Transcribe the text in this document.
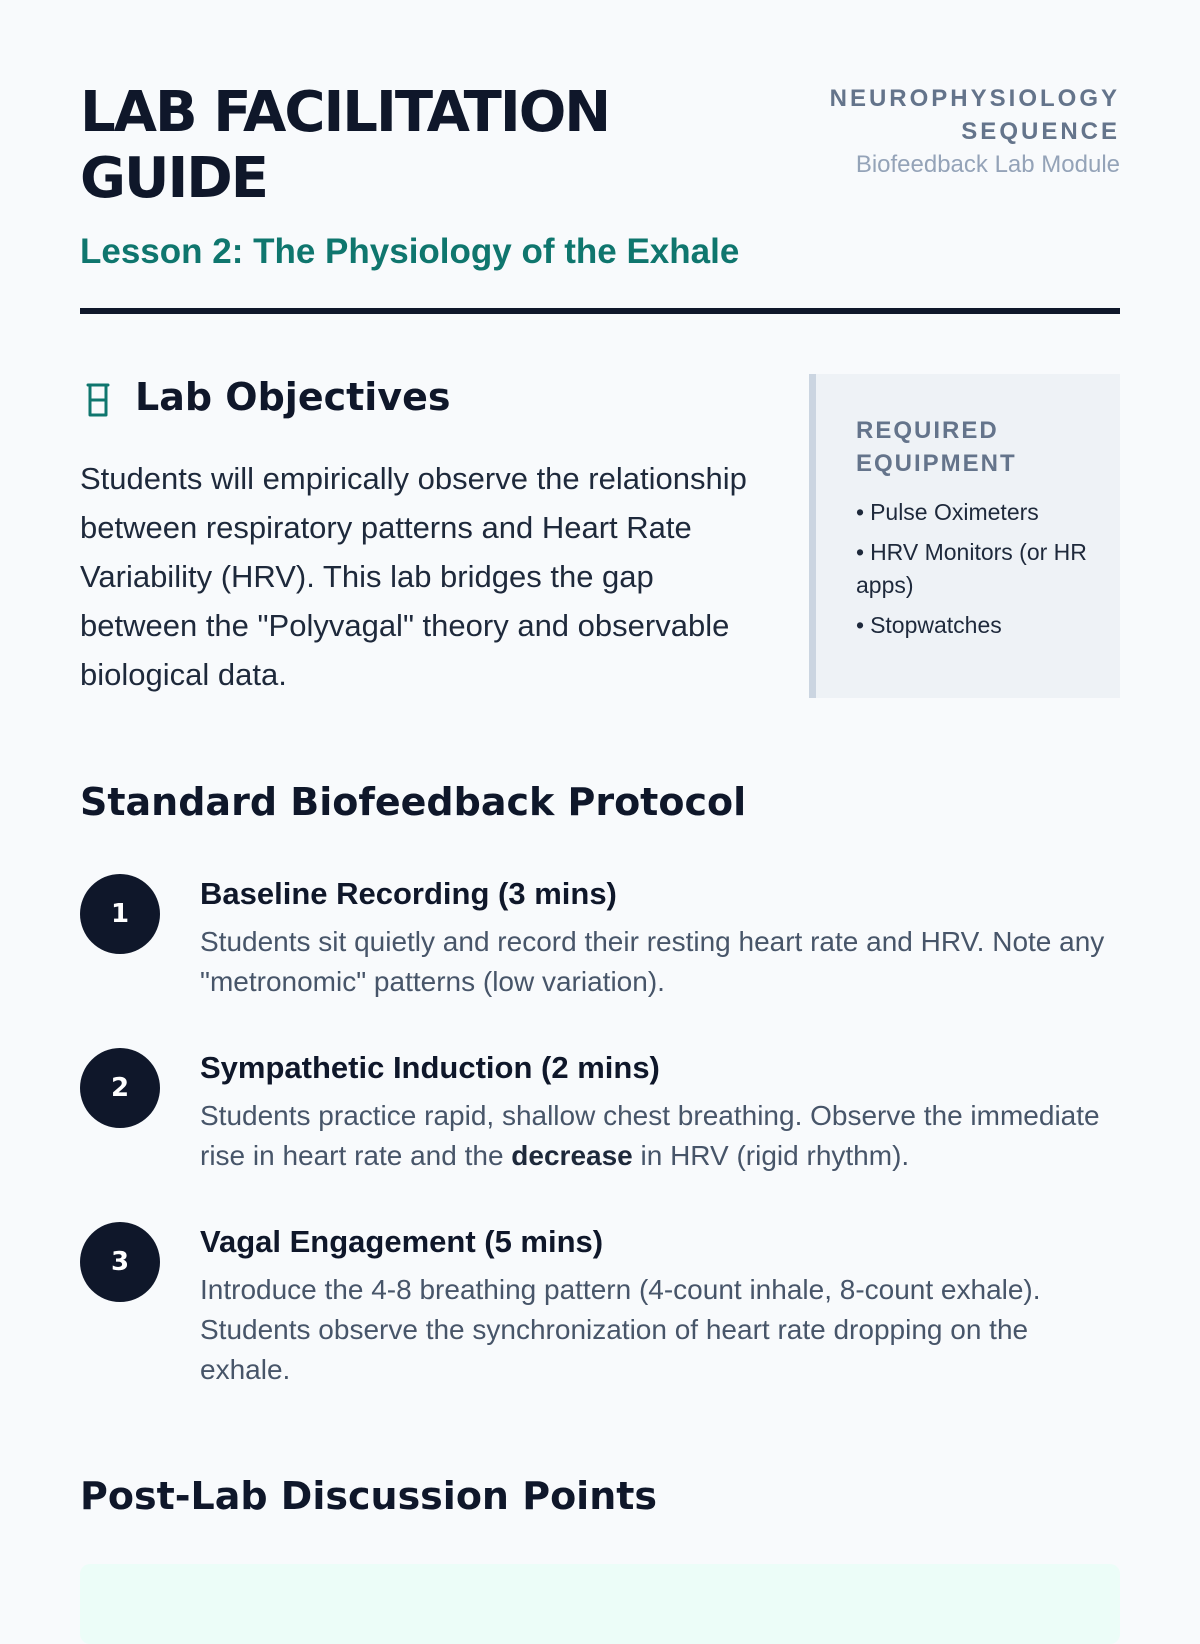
LAB FACILITATION GUIDE
Lesson 2: The Physiology of the Exhale
NEUROPHYSIOLOGY SEQUENCE
Biofeedback Lab Module
Lab Objectives

Students will empirically observe the relationship between respiratory patterns and Heart Rate Variability (HRV). This lab bridges the gap between the "Polyvagal" theory and observable biological data.

REQUIRED EQUIPMENT
• Pulse Oximeters
• HRV Monitors (or HR apps)
• Stopwatches
Standard Biofeedback Protocol
1
Baseline Recording (3 mins)

Students sit quietly and record their resting heart rate and HRV. Note any "metronomic" patterns (low variation).

2
Sympathetic Induction (2 mins)

Students practice rapid, shallow chest breathing. Observe the immediate rise in heart rate and the decrease in HRV (rigid rhythm).

3
Vagal Engagement (5 mins)

Introduce the 4-8 breathing pattern (4-count inhale, 8-count exhale). Students observe the synchronization of heart rate dropping on the exhale.

Post-Lab Discussion Points
